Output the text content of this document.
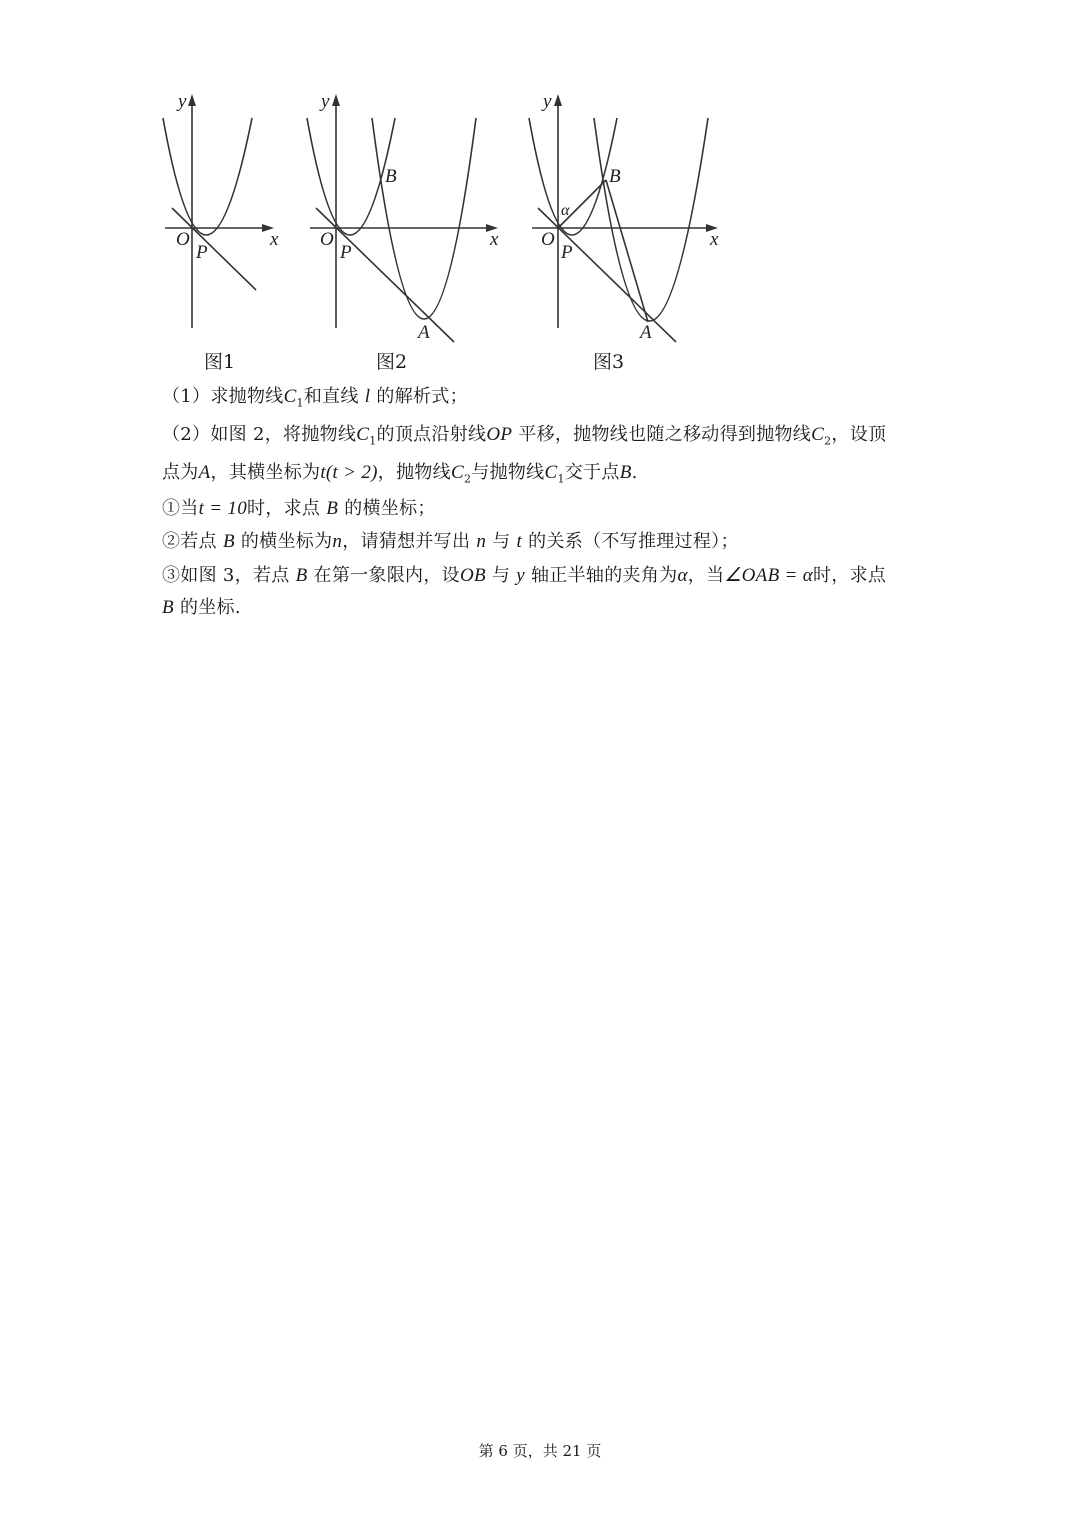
y
x
O
P
图1
y
x
O
P
B
A
图2
y
x
O
P
B
A
α
图3
（1）求抛物线$C_1$和直线 l 的解析式；
（2）如图 2，将抛物线$C_1$的顶点沿射线OP 平移，抛物线也随之移动得到抛物线$C_2$，设顶
点为A，其横坐标为t(t > 2)，抛物线$C_2$与抛物线$C_1$交于点B.
①当t = 10时，求点 B 的横坐标；
②若点 B 的横坐标为n，请猜想并写出 n 与 t 的关系（不写推理过程）；
③如图 3，若点 B 在第一象限内，设OB 与 y 轴正半轴的夹角为α，当∠OAB = α时，求点
B 的坐标.
第 6 页，共 21 页
